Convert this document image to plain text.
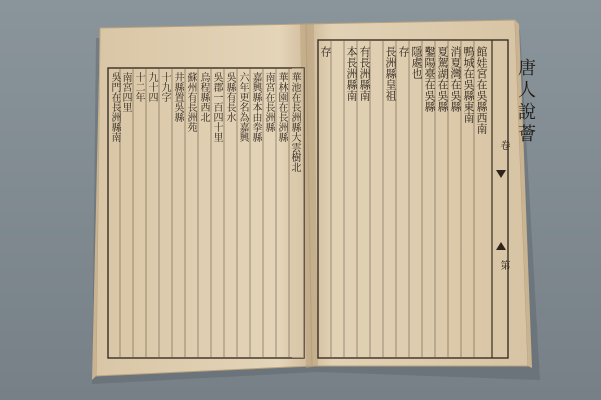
華池在長洲縣大雲樹北
華林園在長洲縣
南宮在長洲縣
嘉興縣本由拳縣
六年更名為嘉興
吳縣有長水
吳郡一百四十里
烏程縣西北
蘇州有長洲苑
井縣置吳縣
十九字
九十四
十二年
南宮四里
吳門在長洲縣南	館娃宮在吳縣西南
鴨城在吳縣東南
消夏灣在吳縣
夏駕湖在吳縣
鑿陽臺在吳縣
隱處也
存
長洲縣皇祖
有長洲縣南
本長洲縣南
存
唐人說薈
卷
第
